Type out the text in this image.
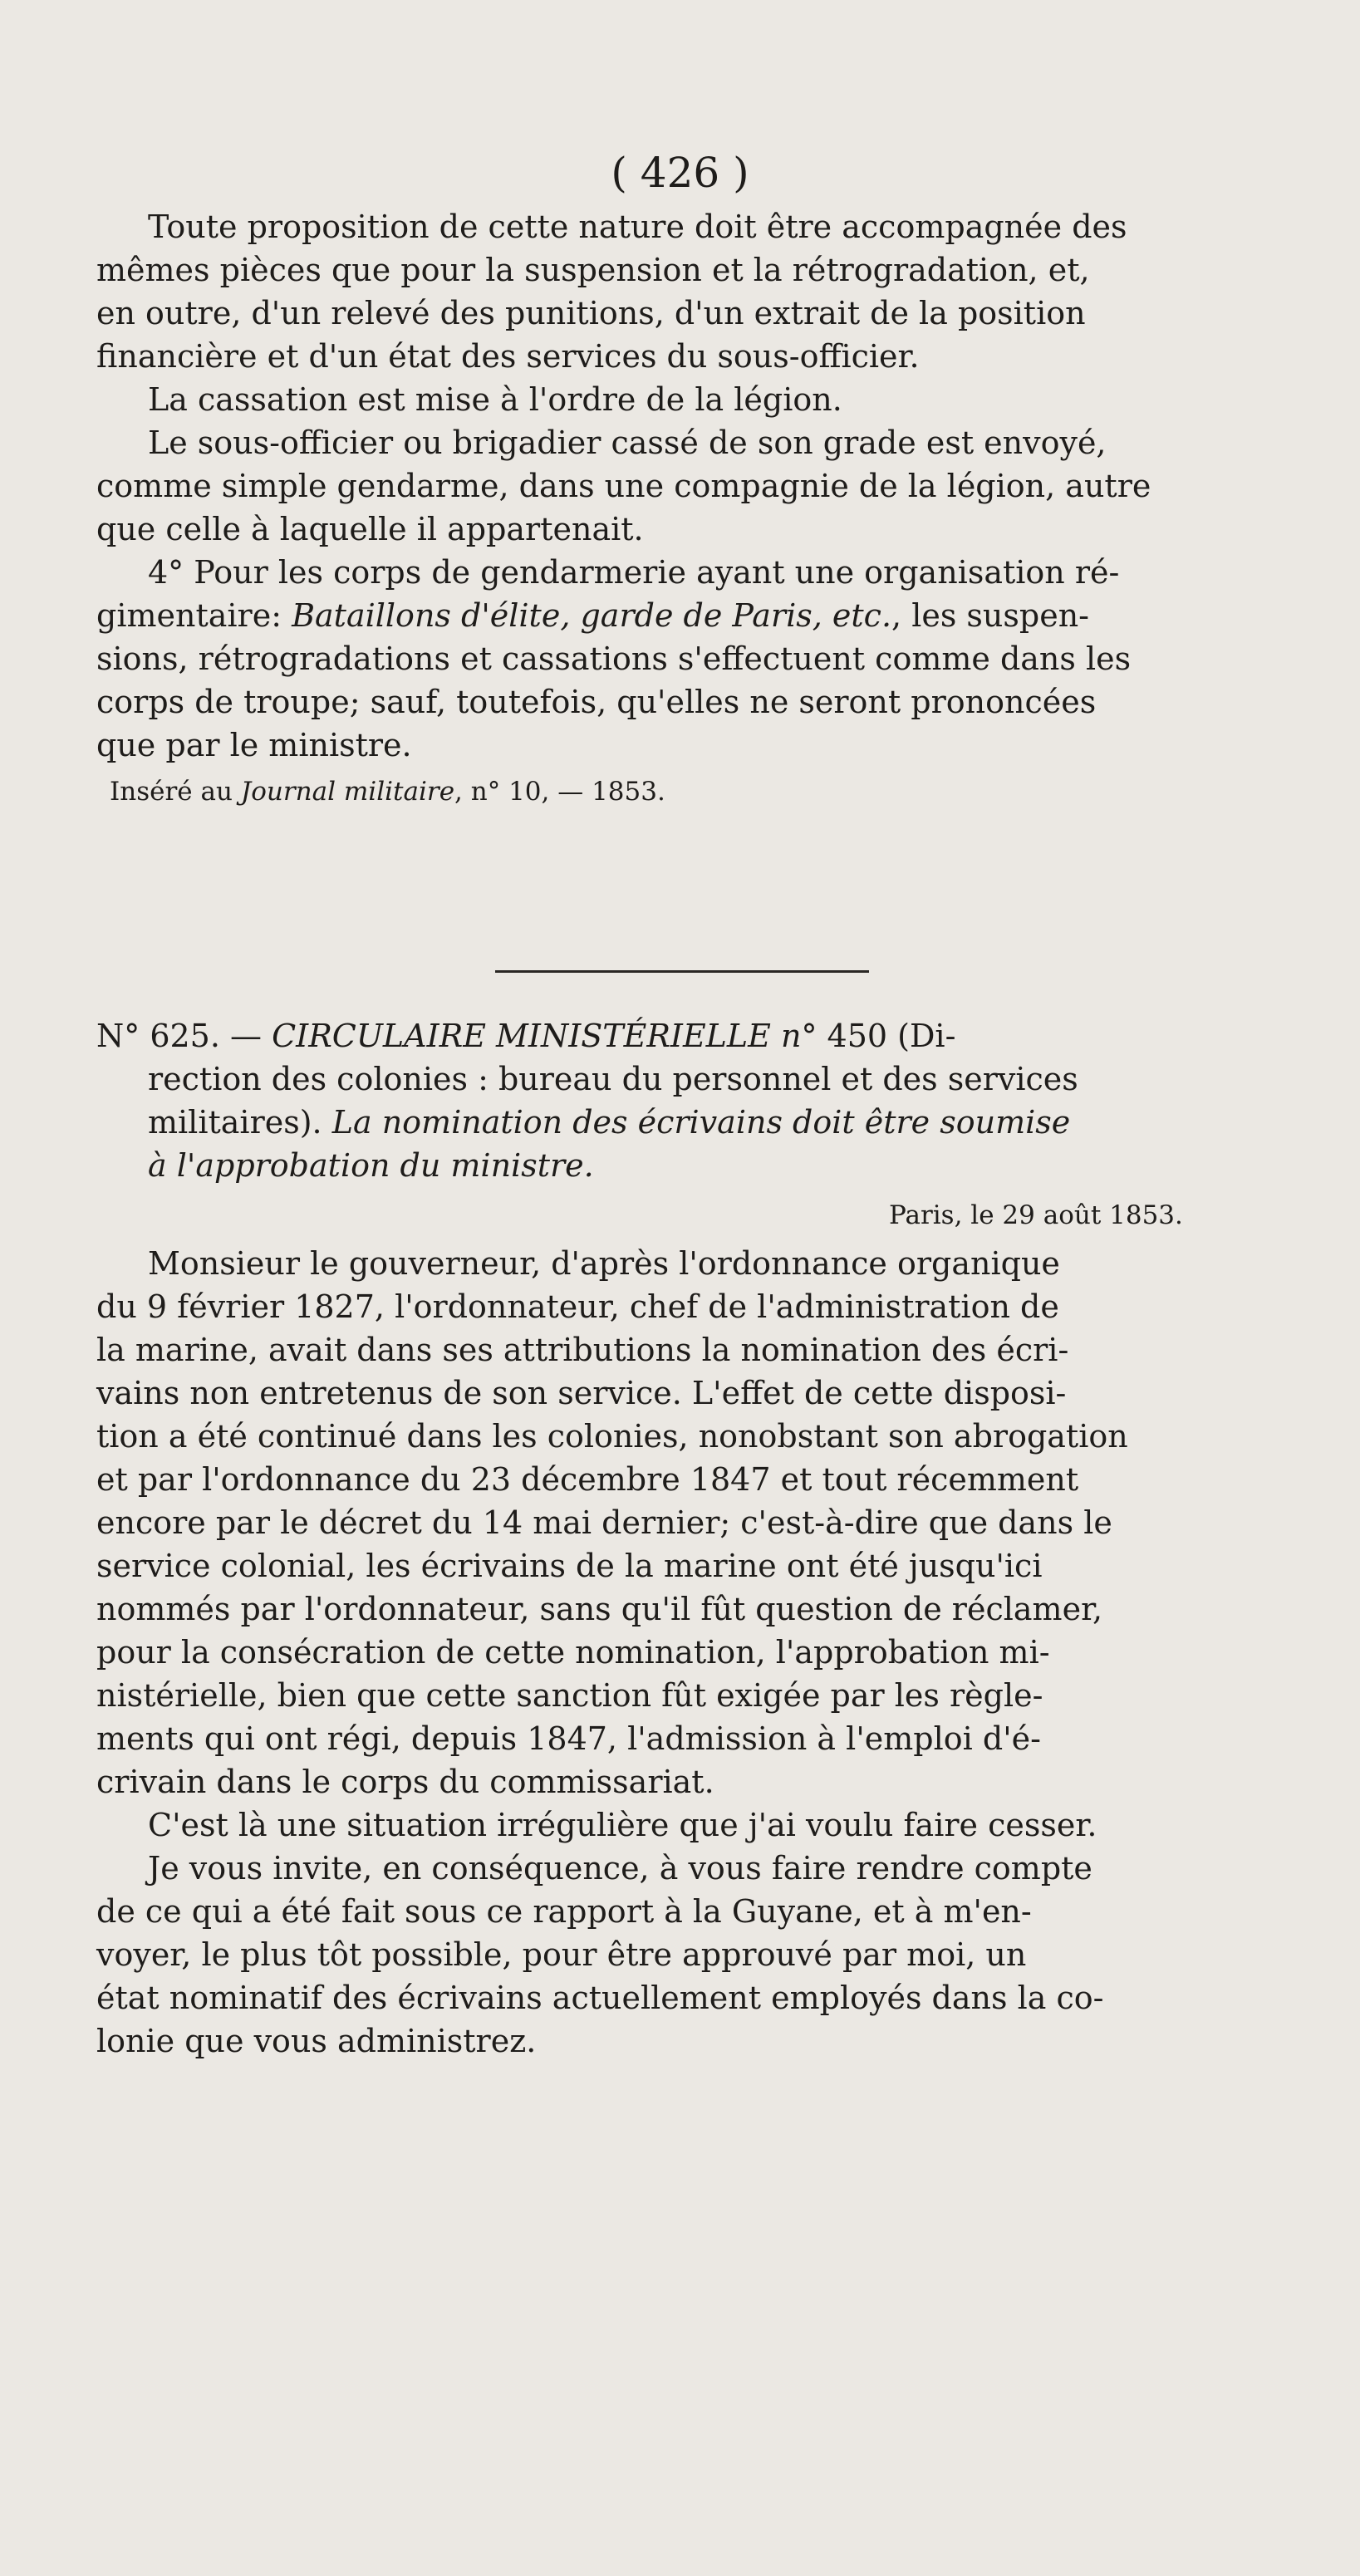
( 426 )
Toute proposition de cette nature doit être accompagnée des
mêmes pièces que pour la suspension et la rétrogradation, et,
en outre, d'un relevé des punitions, d'un extrait de la position
financière et d'un état des services du sous-officier.
La cassation est mise à l'ordre de la légion.
Le sous-officier ou brigadier cassé de son grade est envoyé,
comme simple gendarme, dans une compagnie de la légion, autre
que celle à laquelle il appartenait.
4° Pour les corps de gendarmerie ayant une organisation ré-
gimentaire: Bataillons d'élite, garde de Paris, etc., les suspen-
sions, rétrogradations et cassations s'effectuent comme dans les
corps de troupe; sauf, toutefois, qu'elles ne seront prononcées
que par le ministre.
Inséré au Journal militaire, n° 10, — 1853.
N° 625. — CIRCULAIRE MINISTÉRIELLE n° 450 (Di-
rection des colonies : bureau du personnel et des services
militaires). La nomination des écrivains doit être soumise
à l'approbation du ministre.
Paris, le 29 août 1853.
Monsieur le gouverneur, d'après l'ordonnance organique
du 9 février 1827, l'ordonnateur, chef de l'administration de
la marine, avait dans ses attributions la nomination des écri-
vains non entretenus de son service. L'effet de cette disposi-
tion a été continué dans les colonies, nonobstant son abrogation
et par l'ordonnance du 23 décembre 1847 et tout récemment
encore par le décret du 14 mai dernier; c'est-à-dire que dans le
service colonial, les écrivains de la marine ont été jusqu'ici
nommés par l'ordonnateur, sans qu'il fût question de réclamer,
pour la consécration de cette nomination, l'approbation mi-
nistérielle, bien que cette sanction fût exigée par les règle-
ments qui ont régi, depuis 1847, l'admission à l'emploi d'é-
crivain dans le corps du commissariat.
C'est là une situation irrégulière que j'ai voulu faire cesser.
Je vous invite, en conséquence, à vous faire rendre compte
de ce qui a été fait sous ce rapport à la Guyane, et à m'en-
voyer, le plus tôt possible, pour être approuvé par moi, un
état nominatif des écrivains actuellement employés dans la co-
lonie que vous administrez.
